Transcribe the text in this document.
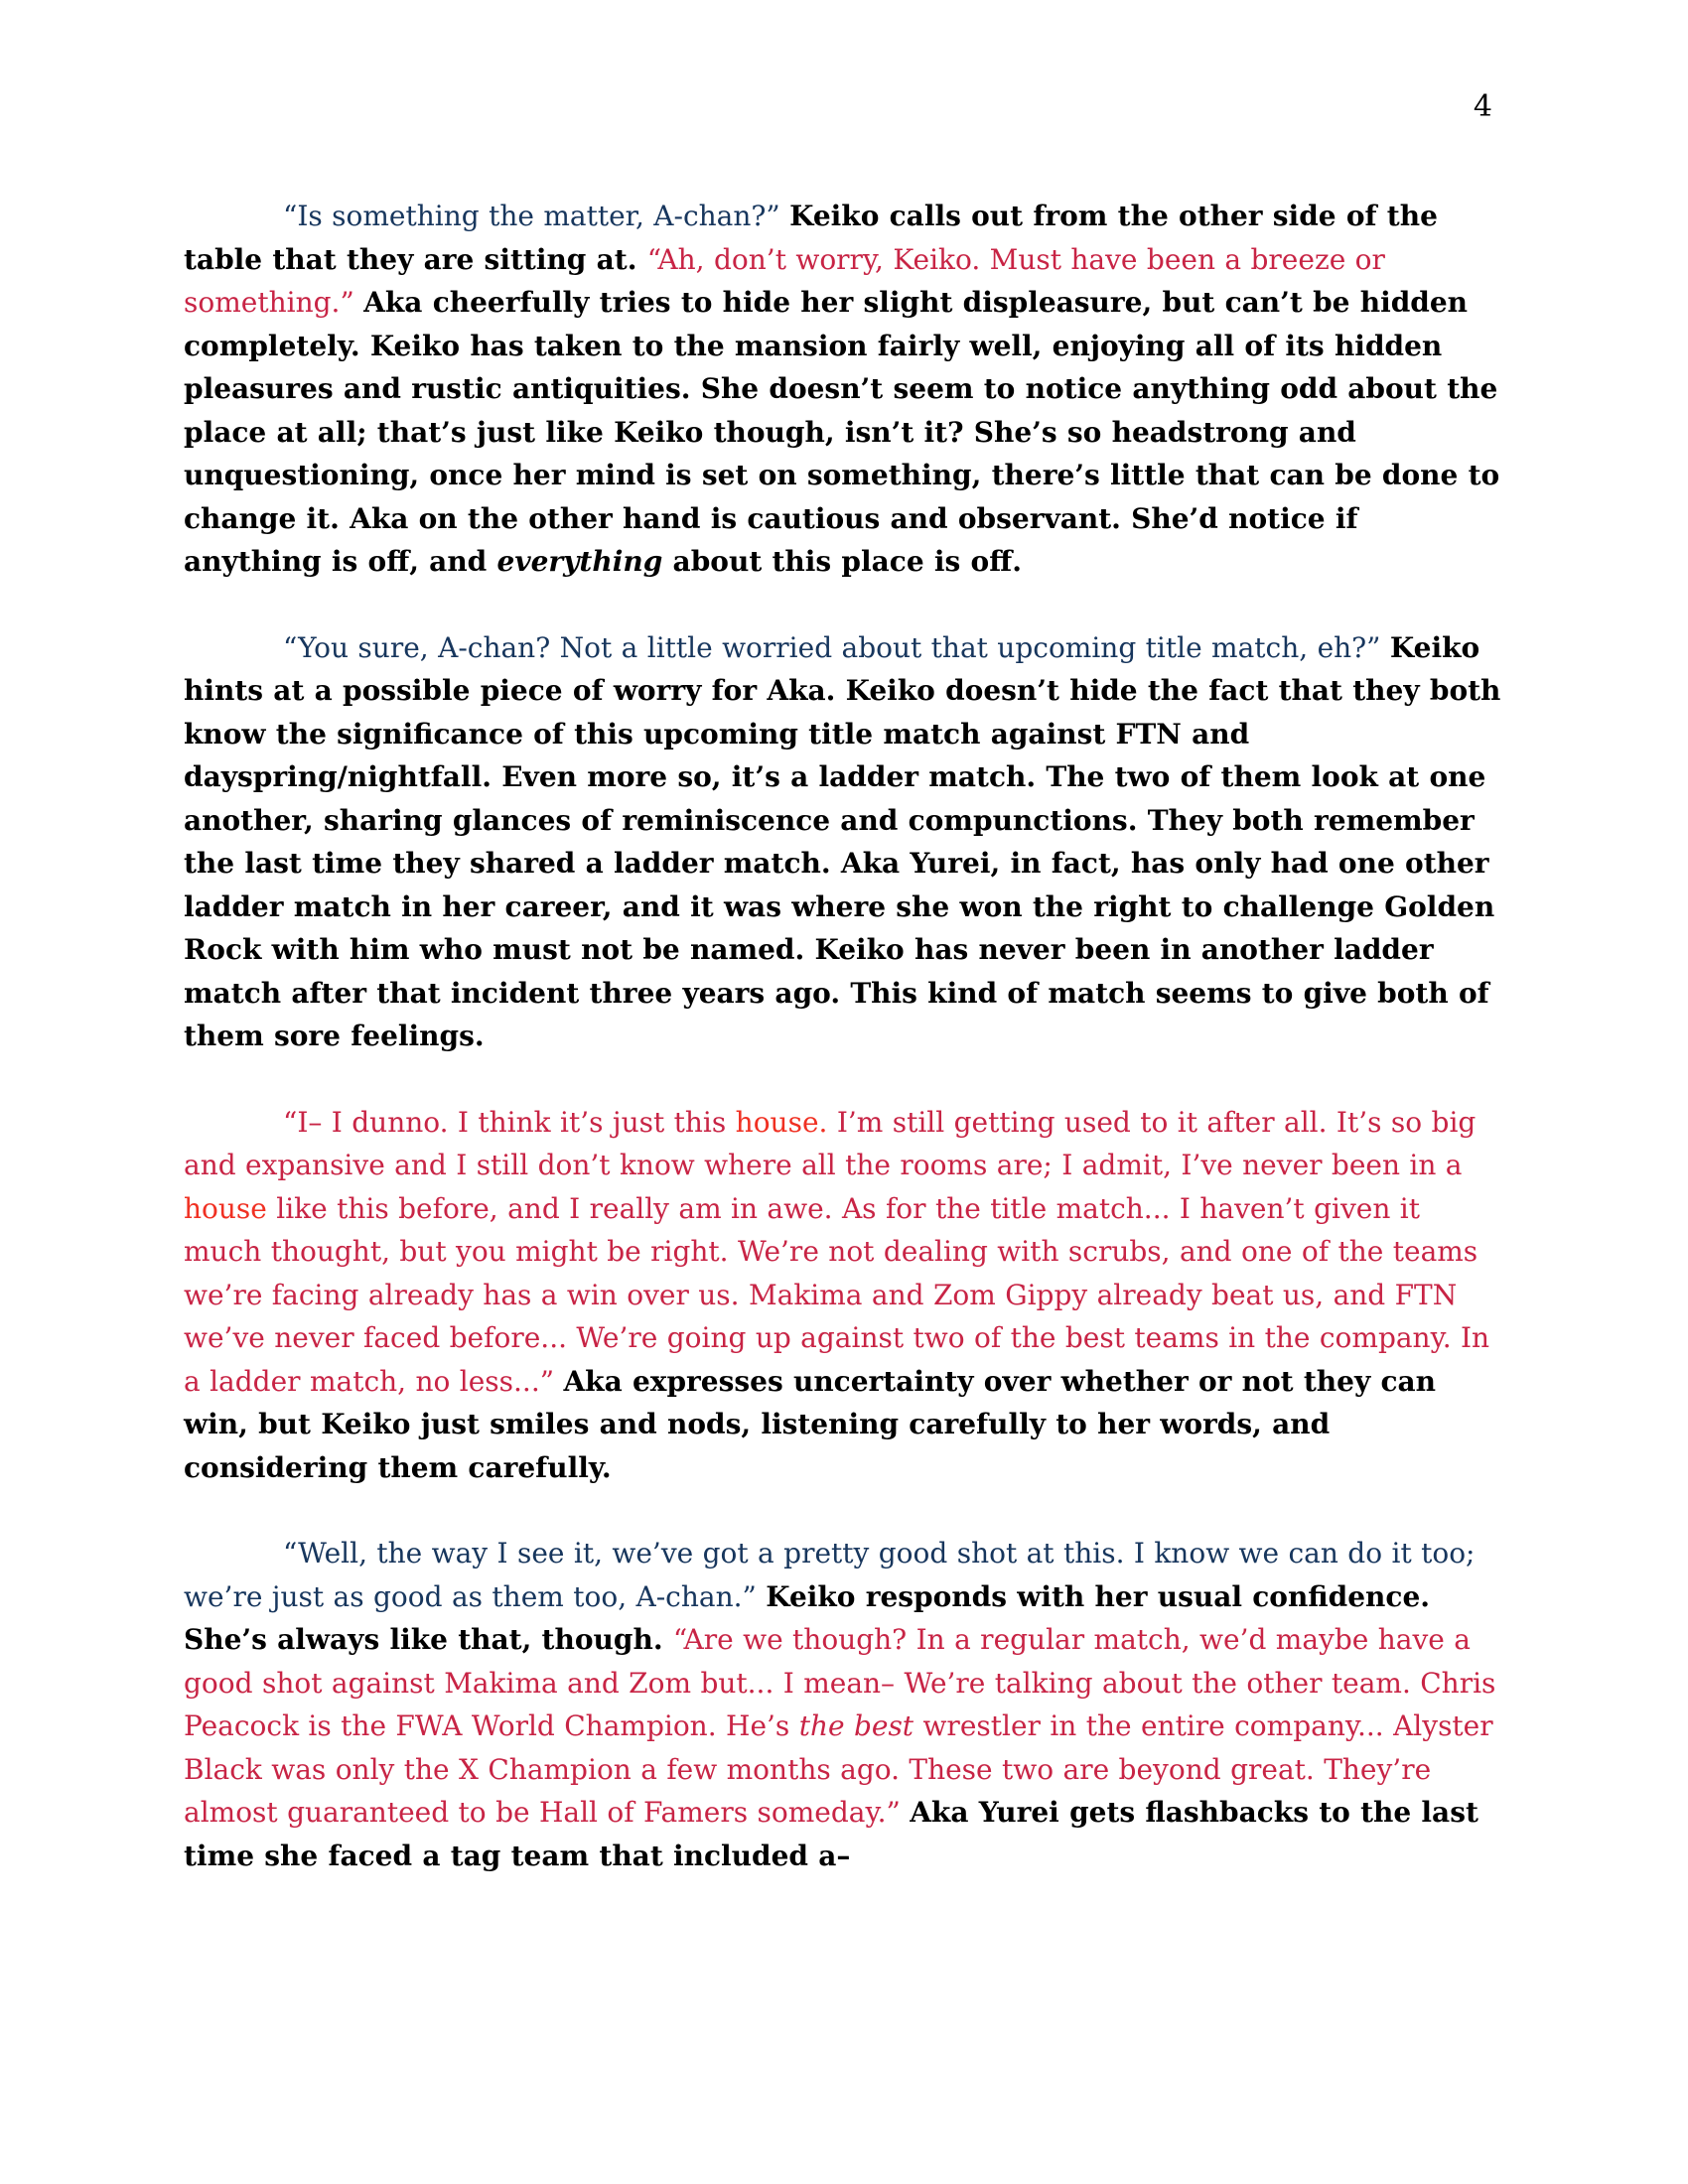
4

“Is something the matter, A-chan?” Keiko calls out from the other side of the table that they are sitting at. “Ah, don’t worry, Keiko. Must have been a breeze or something.” Aka cheerfully tries to hide her slight displeasure, but can’t be hidden completely. Keiko has taken to the mansion fairly well, enjoying all of its hidden pleasures and rustic antiquities. She doesn’t seem to notice anything odd about the place at all; that’s just like Keiko though, isn’t it? She’s so headstrong and unquestioning, once her mind is set on something, there’s little that can be done to change it. Aka on the other hand is cautious and observant. She’d notice if anything is off, and everything about this place is off.

“You sure, A-chan? Not a little worried about that upcoming title match, eh?” Keiko hints at a possible piece of worry for Aka. Keiko doesn’t hide the fact that they both know the significance of this upcoming title match against FTN and dayspring/nightfall. Even more so, it’s a ladder match. The two of them look at one another, sharing glances of reminiscence and compunctions. They both remember the last time they shared a ladder match. Aka Yurei, in fact, has only had one other ladder match in her career, and it was where she won the right to challenge Golden Rock with him who must not be named. Keiko has never been in another ladder match after that incident three years ago. This kind of match seems to give both of them sore feelings.

“I– I dunno. I think it’s just this house. I’m still getting used to it after all. It’s so big and expansive and I still don’t know where all the rooms are; I admit, I’ve never been in a house like this before, and I really am in awe. As for the title match... I haven’t given it much thought, but you might be right. We’re not dealing with scrubs, and one of the teams we’re facing already has a win over us. Makima and Zom Gippy already beat us, and FTN we’ve never faced before... We’re going up against two of the best teams in the company. In a ladder match, no less...” Aka expresses uncertainty over whether or not they can win, but Keiko just smiles and nods, listening carefully to her words, and considering them carefully.

“Well, the way I see it, we’ve got a pretty good shot at this. I know we can do it too; we’re just as good as them too, A-chan.” Keiko responds with her usual confidence. She’s always like that, though. “Are we though? In a regular match, we’d maybe have a good shot against Makima and Zom but... I mean– We’re talking about the other team. Chris Peacock is the FWA World Champion. He’s the best wrestler in the entire company... Alyster Black was only the X Champion a few months ago. These two are beyond great. They’re almost guaranteed to be Hall of Famers someday.” Aka Yurei gets flashbacks to the last time she faced a tag team that included a–
